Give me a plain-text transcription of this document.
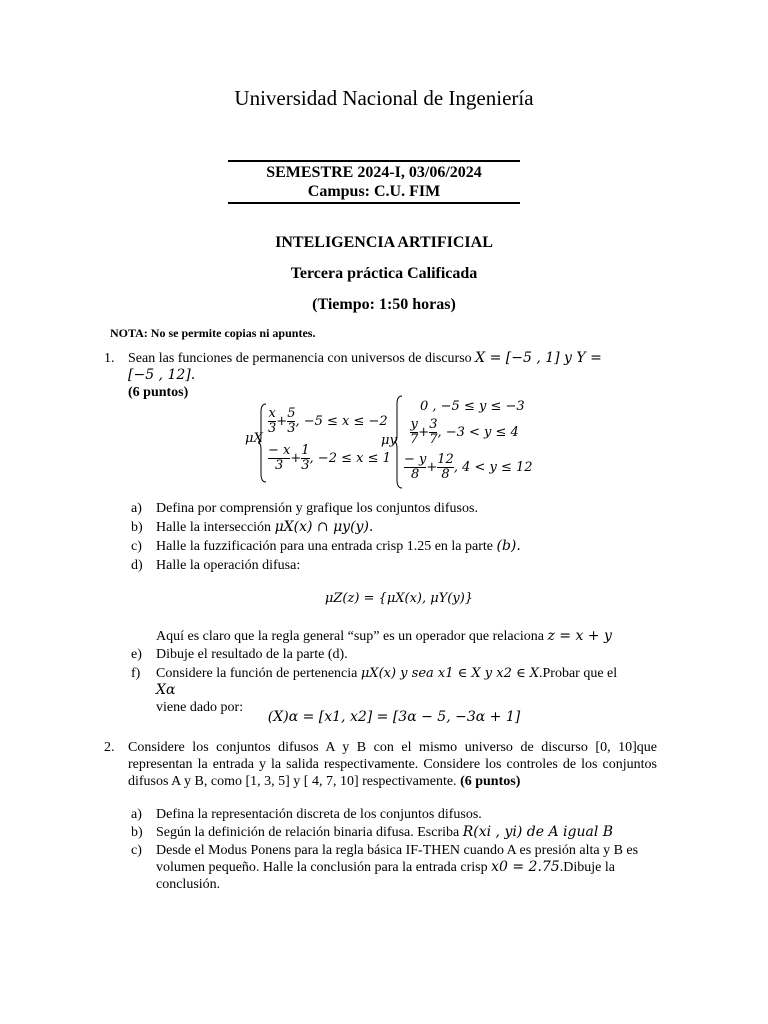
Universidad Nacional de Ingeniería
SEMESTRE 2024-I, 03/06/2024
Campus: C.U. FIM
INTELIGENCIA ARTIFICIAL
Tercera práctica Calificada
(Tiempo: 1:50 horas)
NOTA: No se permite copias ni apuntes.
1. Sean las funciones de permanencia con universos de discurso X = [−5 , 1] y Y = [−5 , 12].
(6 puntos)
μX
$\frac{x}{3} + \frac{5}{3}$ , −5 ≤ x ≤ −2
$\frac{- x}{3} + \frac{1}{3}$ , −2 ≤ x ≤ 1
μy
0 , −5 ≤ y ≤ −3
$\frac{y}{7} + \frac{3}{7}$ , −3 < y ≤ 4
$\frac{- y}{8} + \frac{12}{8}$ , 4 < y ≤ 12
a) Defina por comprensión y grafique los conjuntos difusos.
b) Halle la intersección μX(x) ∩ μy(y).
c) Halle la fuzzificación para una entrada crisp 1.25 en la parte (b).
d) Halle la operación difusa:
μZ(z) = {μX(x), μY(y)}
Aquí es claro que la regla general “sup” es un operador que relaciona z = x + y
e) Dibuje el resultado de la parte (d).
f) Considere la función de pertenencia μX(x) y sea x1 ∈ X y x2 ∈ X.Probar que el Xα
viene dado por:
(X)α = [x1, x2] = [3α − 5, −3α + 1]
2. Considere los conjuntos difusos A y B con el mismo universo de discurso [0, 10]que representan la entrada y la salida respectivamente. Considere los controles de los conjuntos difusos A y B, como [1, 3, 5] y [ 4, 7, 10] respectivamente. (6 puntos)
a) Defina la representación discreta de los conjuntos difusos.
b) Según la definición de relación binaria difusa. Escriba R(xi , yi) de A igual B
c) Desde el Modus Ponens para la regla básica IF-THEN cuando A es presión alta y B es volumen pequeño. Halle la conclusión para la entrada crisp x0 = 2.75.Dibuje la conclusión.
